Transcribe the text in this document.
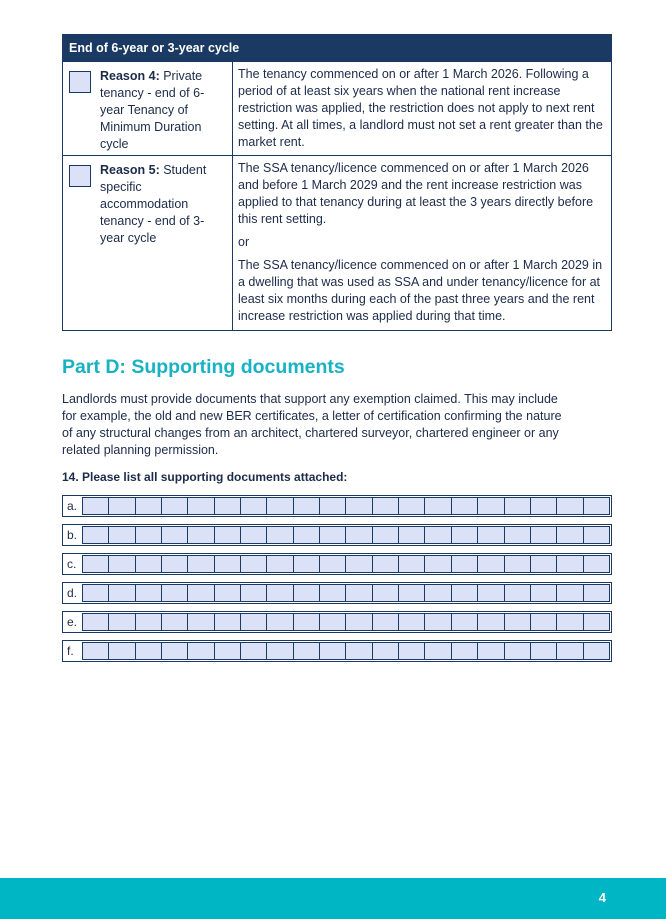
End of 6-year or 3-year cycle
Reason 4: Private tenancy - end of 6-year Tenancy of Minimum Duration cycle

The tenancy commenced on or after 1 March 2026. Following a period of at least six years when the national rent increase restriction was applied, the restriction does not apply to next rent setting. At all times, a landlord must not set a rent greater than the market rent.

Reason 5: Student specific accommodation tenancy - end of 3-year cycle

The SSA tenancy/licence commenced on or after 1 March 2026 and before 1 March 2029 and the rent increase restriction was applied to that tenancy during at least the 3 years directly before this rent setting.

or

The SSA tenancy/licence commenced on or after 1 March 2029 in a dwelling that was used as SSA and under tenancy/licence for at least six months during each of the past three years and the rent increase restriction was applied during that time.

Part D: Supporting documents
Landlords must provide documents that support any exemption claimed. This may include for example, the old and new BER certificates, a letter of certification confirming the nature of any structural changes from an architect, chartered surveyor, chartered engineer or any related planning permission.
14. Please list all supporting documents attached:
a.
b.
c.
d.
e.
f.
4
